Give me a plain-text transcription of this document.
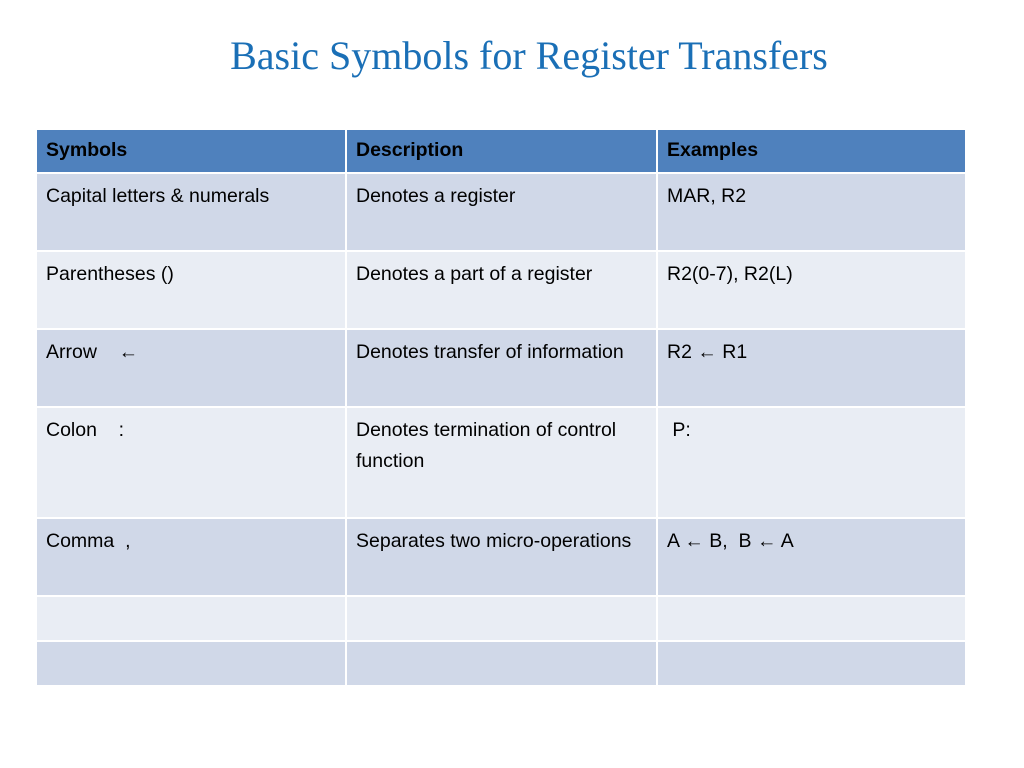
Basic Symbols for Register Transfers
Symbols	Description	Examples
Capital letters & numerals	Denotes a register	MAR, R2
Parentheses ()	Denotes a part of a register	R2(0-7), R2(L)
Arrow    ←	Denotes transfer of information	R2 ← R1
Colon    :	Denotes termination of control function	P:
Comma  ,	Separates two micro-operations	A ← B,  B ← A
